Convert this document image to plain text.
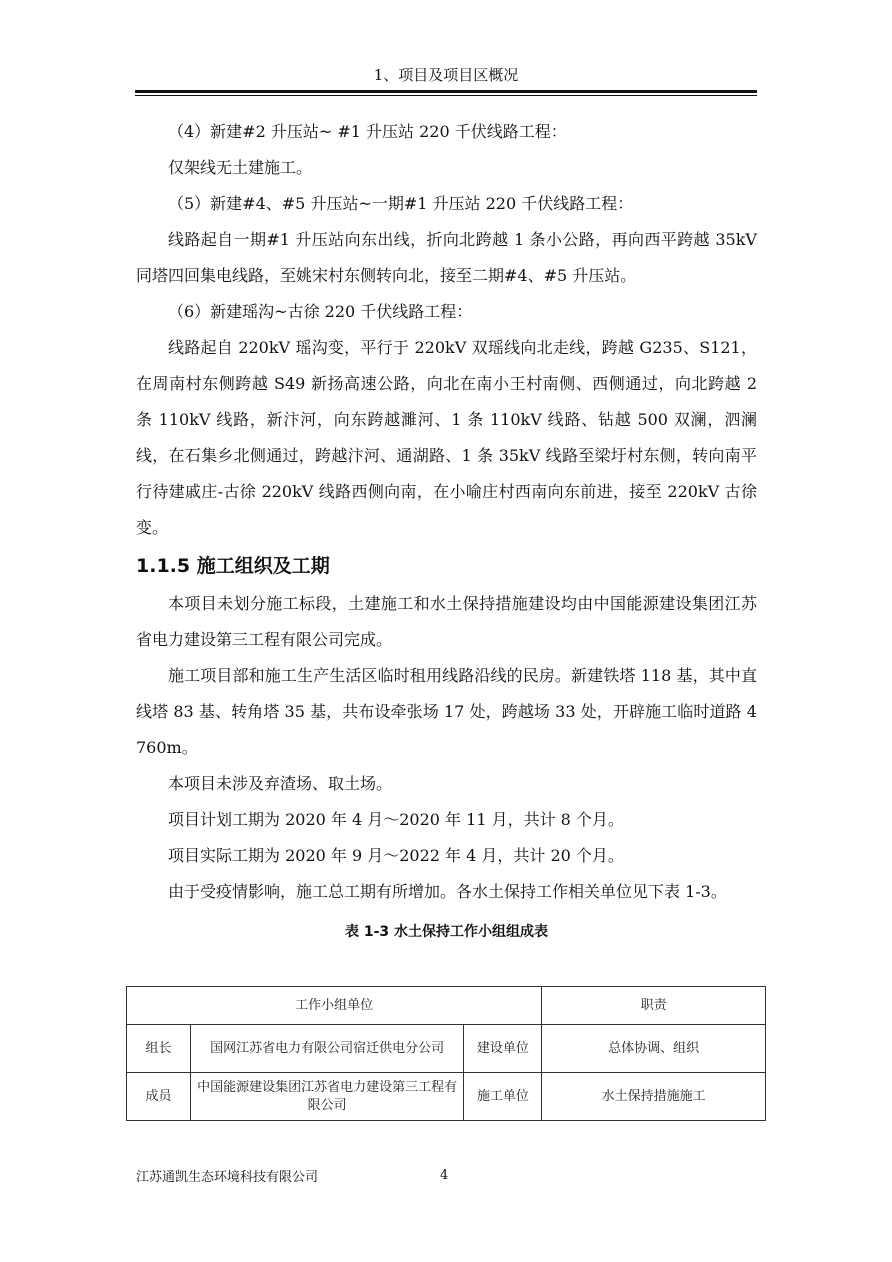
1、项目及项目区概况

（4）新建#2 升压站~ #1 升压站 220 千伏线路工程：

仅架线无土建施工。

（5）新建#4、#5 升压站~一期#1 升压站 220 千伏线路工程：

线路起自一期#1 升压站向东出线，折向北跨越 1 条小公路，再向西平跨越 35kV 同塔四回集电线路，至姚宋村东侧转向北，接至二期#4、#5 升压站。

（6）新建瑶沟~古徐 220 千伏线路工程：

线路起自 220kV 瑶沟变，平行于 220kV 双瑶线向北走线，跨越 G235、S121，在周南村东侧跨越 S49 新扬高速公路，向北在南小王村南侧、西侧通过，向北跨越 2 条 110kV 线路，新汴河，向东跨越濉河、1 条 110kV 线路、钻越 500 双澜，泗澜线，在石集乡北侧通过，跨越汴河、通湖路、1 条 35kV 线路至梁圩村东侧，转向南平行待建戚庄-古徐 220kV 线路西侧向南，在小喻庄村西南向东前进，接至 220kV 古徐变。

1.1.5 施工组织及工期

本项目未划分施工标段，土建施工和水土保持措施建设均由中国能源建设集团江苏省电力建设第三工程有限公司完成。

施工项目部和施工生产生活区临时租用线路沿线的民房。新建铁塔 118 基，其中直线塔 83 基、转角塔 35 基，共布设牵张场 17 处，跨越场 33 处，开辟施工临时道路 4760m。

本项目未涉及弃渣场、取土场。

项目计划工期为 2020 年 4 月～2020 年 11 月，共计 8 个月。

项目实际工期为 2020 年 9 月～2022 年 4 月，共计 20 个月。

由于受疫情影响，施工总工期有所增加。各水土保持工作相关单位见下表 1-3。

表 1-3 水土保持工作小组组成表
工作小组单位			职责
组长	国网江苏省电力有限公司宿迁供电分公司	建设单位	总体协调、组织
成员	中国能源建设集团江苏省电力建设第三工程有限公司	施工单位	水土保持措施施工
江苏通凯生态环境科技有限公司	4
